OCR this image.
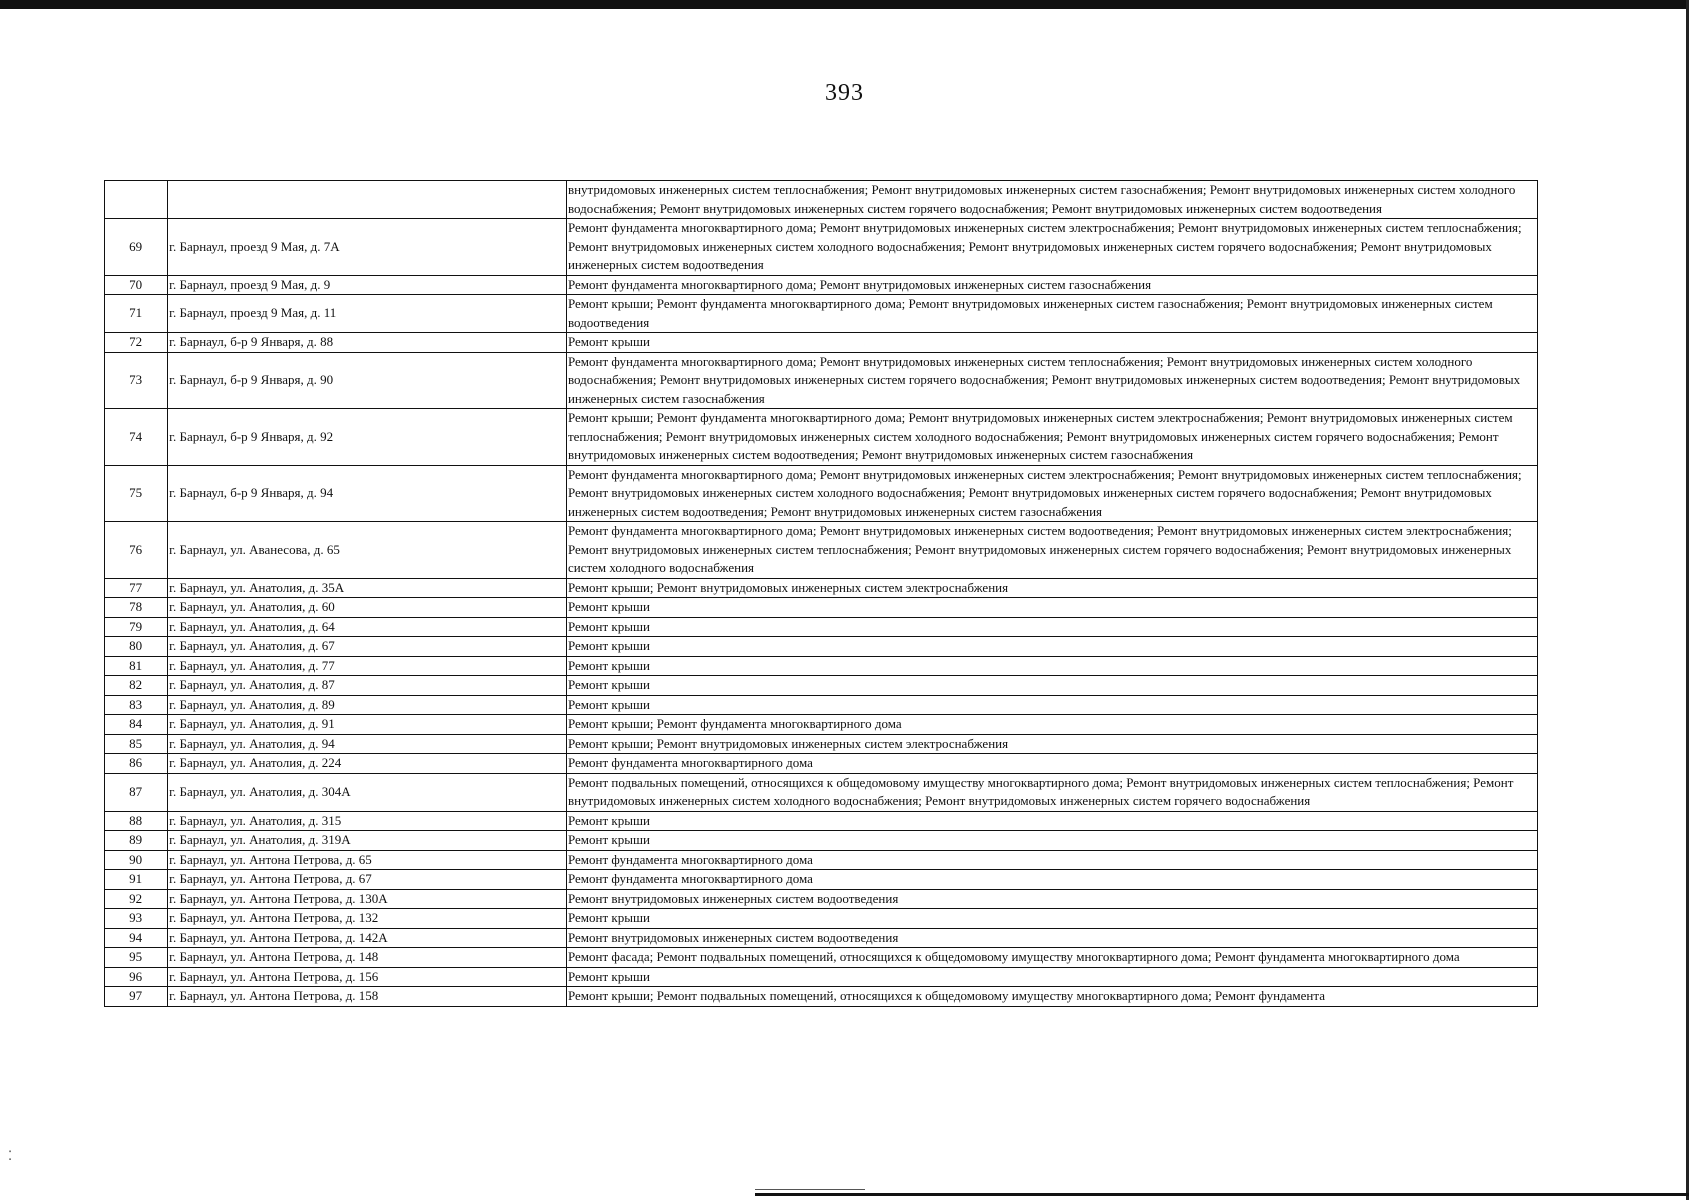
393
		внутридомовых инженерных систем теплоснабжения; Ремонт внутридомовых инженерных систем газоснабжения; Ремонт внутридомовых инженерных систем холодного водоснабжения; Ремонт внутридомовых инженерных систем горячего водоснабжения; Ремонт внутридомовых инженерных систем водоотведения
69	г. Барнаул, проезд 9 Мая, д. 7А	Ремонт фундамента многоквартирного дома; Ремонт внутридомовых инженерных систем электроснабжения; Ремонт внутридомовых инженерных систем теплоснабжения; Ремонт внутридомовых инженерных систем холодного водоснабжения; Ремонт внутридомовых инженерных систем горячего водоснабжения; Ремонт внутридомовых инженерных систем водоотведения
70	г. Барнаул, проезд 9 Мая, д. 9	Ремонт фундамента многоквартирного дома; Ремонт внутридомовых инженерных систем газоснабжения
71	г. Барнаул, проезд 9 Мая, д. 11	Ремонт крыши; Ремонт фундамента многоквартирного дома; Ремонт внутридомовых инженерных систем газоснабжения; Ремонт внутридомовых инженерных систем водоотведения
72	г. Барнаул, б-р 9 Января, д. 88	Ремонт крыши
73	г. Барнаул, б-р 9 Января, д. 90	Ремонт фундамента многоквартирного дома; Ремонт внутридомовых инженерных систем теплоснабжения; Ремонт внутридомовых инженерных систем холодного водоснабжения; Ремонт внутридомовых инженерных систем горячего водоснабжения; Ремонт внутридомовых инженерных систем водоотведения; Ремонт внутридомовых инженерных систем газоснабжения
74	г. Барнаул, б-р 9 Января, д. 92	Ремонт крыши; Ремонт фундамента многоквартирного дома; Ремонт внутридомовых инженерных систем электроснабжения; Ремонт внутридомовых инженерных систем теплоснабжения; Ремонт внутридомовых инженерных систем холодного водоснабжения; Ремонт внутридомовых инженерных систем горячего водоснабжения; Ремонт внутридомовых инженерных систем водоотведения; Ремонт внутридомовых инженерных систем газоснабжения
75	г. Барнаул, б-р 9 Января, д. 94	Ремонт фундамента многоквартирного дома; Ремонт внутридомовых инженерных систем электроснабжения; Ремонт внутридомовых инженерных систем теплоснабжения; Ремонт внутридомовых инженерных систем холодного водоснабжения; Ремонт внутридомовых инженерных систем горячего водоснабжения; Ремонт внутридомовых инженерных систем водоотведения; Ремонт внутридомовых инженерных систем газоснабжения
76	г. Барнаул, ул. Аванесова, д. 65	Ремонт фундамента многоквартирного дома; Ремонт внутридомовых инженерных систем водоотведения; Ремонт внутридомовых инженерных систем электроснабжения; Ремонт внутридомовых инженерных систем теплоснабжения; Ремонт внутридомовых инженерных систем горячего водоснабжения; Ремонт внутридомовых инженерных систем холодного водоснабжения
77	г. Барнаул, ул. Анатолия, д. 35А	Ремонт крыши; Ремонт внутридомовых инженерных систем электроснабжения
78	г. Барнаул, ул. Анатолия, д. 60	Ремонт крыши
79	г. Барнаул, ул. Анатолия, д. 64	Ремонт крыши
80	г. Барнаул, ул. Анатолия, д. 67	Ремонт крыши
81	г. Барнаул, ул. Анатолия, д. 77	Ремонт крыши
82	г. Барнаул, ул. Анатолия, д. 87	Ремонт крыши
83	г. Барнаул, ул. Анатолия, д. 89	Ремонт крыши
84	г. Барнаул, ул. Анатолия, д. 91	Ремонт крыши; Ремонт фундамента многоквартирного дома
85	г. Барнаул, ул. Анатолия, д. 94	Ремонт крыши; Ремонт внутридомовых инженерных систем электроснабжения
86	г. Барнаул, ул. Анатолия, д. 224	Ремонт фундамента многоквартирного дома
87	г. Барнаул, ул. Анатолия, д. 304А	Ремонт подвальных помещений, относящихся к общедомовому имуществу многоквартирного дома; Ремонт внутридомовых инженерных систем теплоснабжения; Ремонт внутридомовых инженерных систем холодного водоснабжения; Ремонт внутридомовых инженерных систем горячего водоснабжения
88	г. Барнаул, ул. Анатолия, д. 315	Ремонт крыши
89	г. Барнаул, ул. Анатолия, д. 319А	Ремонт крыши
90	г. Барнаул, ул. Антона Петрова, д. 65	Ремонт фундамента многоквартирного дома
91	г. Барнаул, ул. Антона Петрова, д. 67	Ремонт фундамента многоквартирного дома
92	г. Барнаул, ул. Антона Петрова, д. 130А	Ремонт внутридомовых инженерных систем водоотведения
93	г. Барнаул, ул. Антона Петрова, д. 132	Ремонт крыши
94	г. Барнаул, ул. Антона Петрова, д. 142А	Ремонт внутридомовых инженерных систем водоотведения
95	г. Барнаул, ул. Антона Петрова, д. 148	Ремонт фасада; Ремонт подвальных помещений, относящихся к общедомовому имуществу многоквартирного дома; Ремонт фундамента многоквартирного дома
96	г. Барнаул, ул. Антона Петрова, д. 156	Ремонт крыши
97	г. Барнаул, ул. Антона Петрова, д. 158	Ремонт крыши; Ремонт подвальных помещений, относящихся к общедомовому имуществу многоквартирного дома; Ремонт фундамента
⁚
